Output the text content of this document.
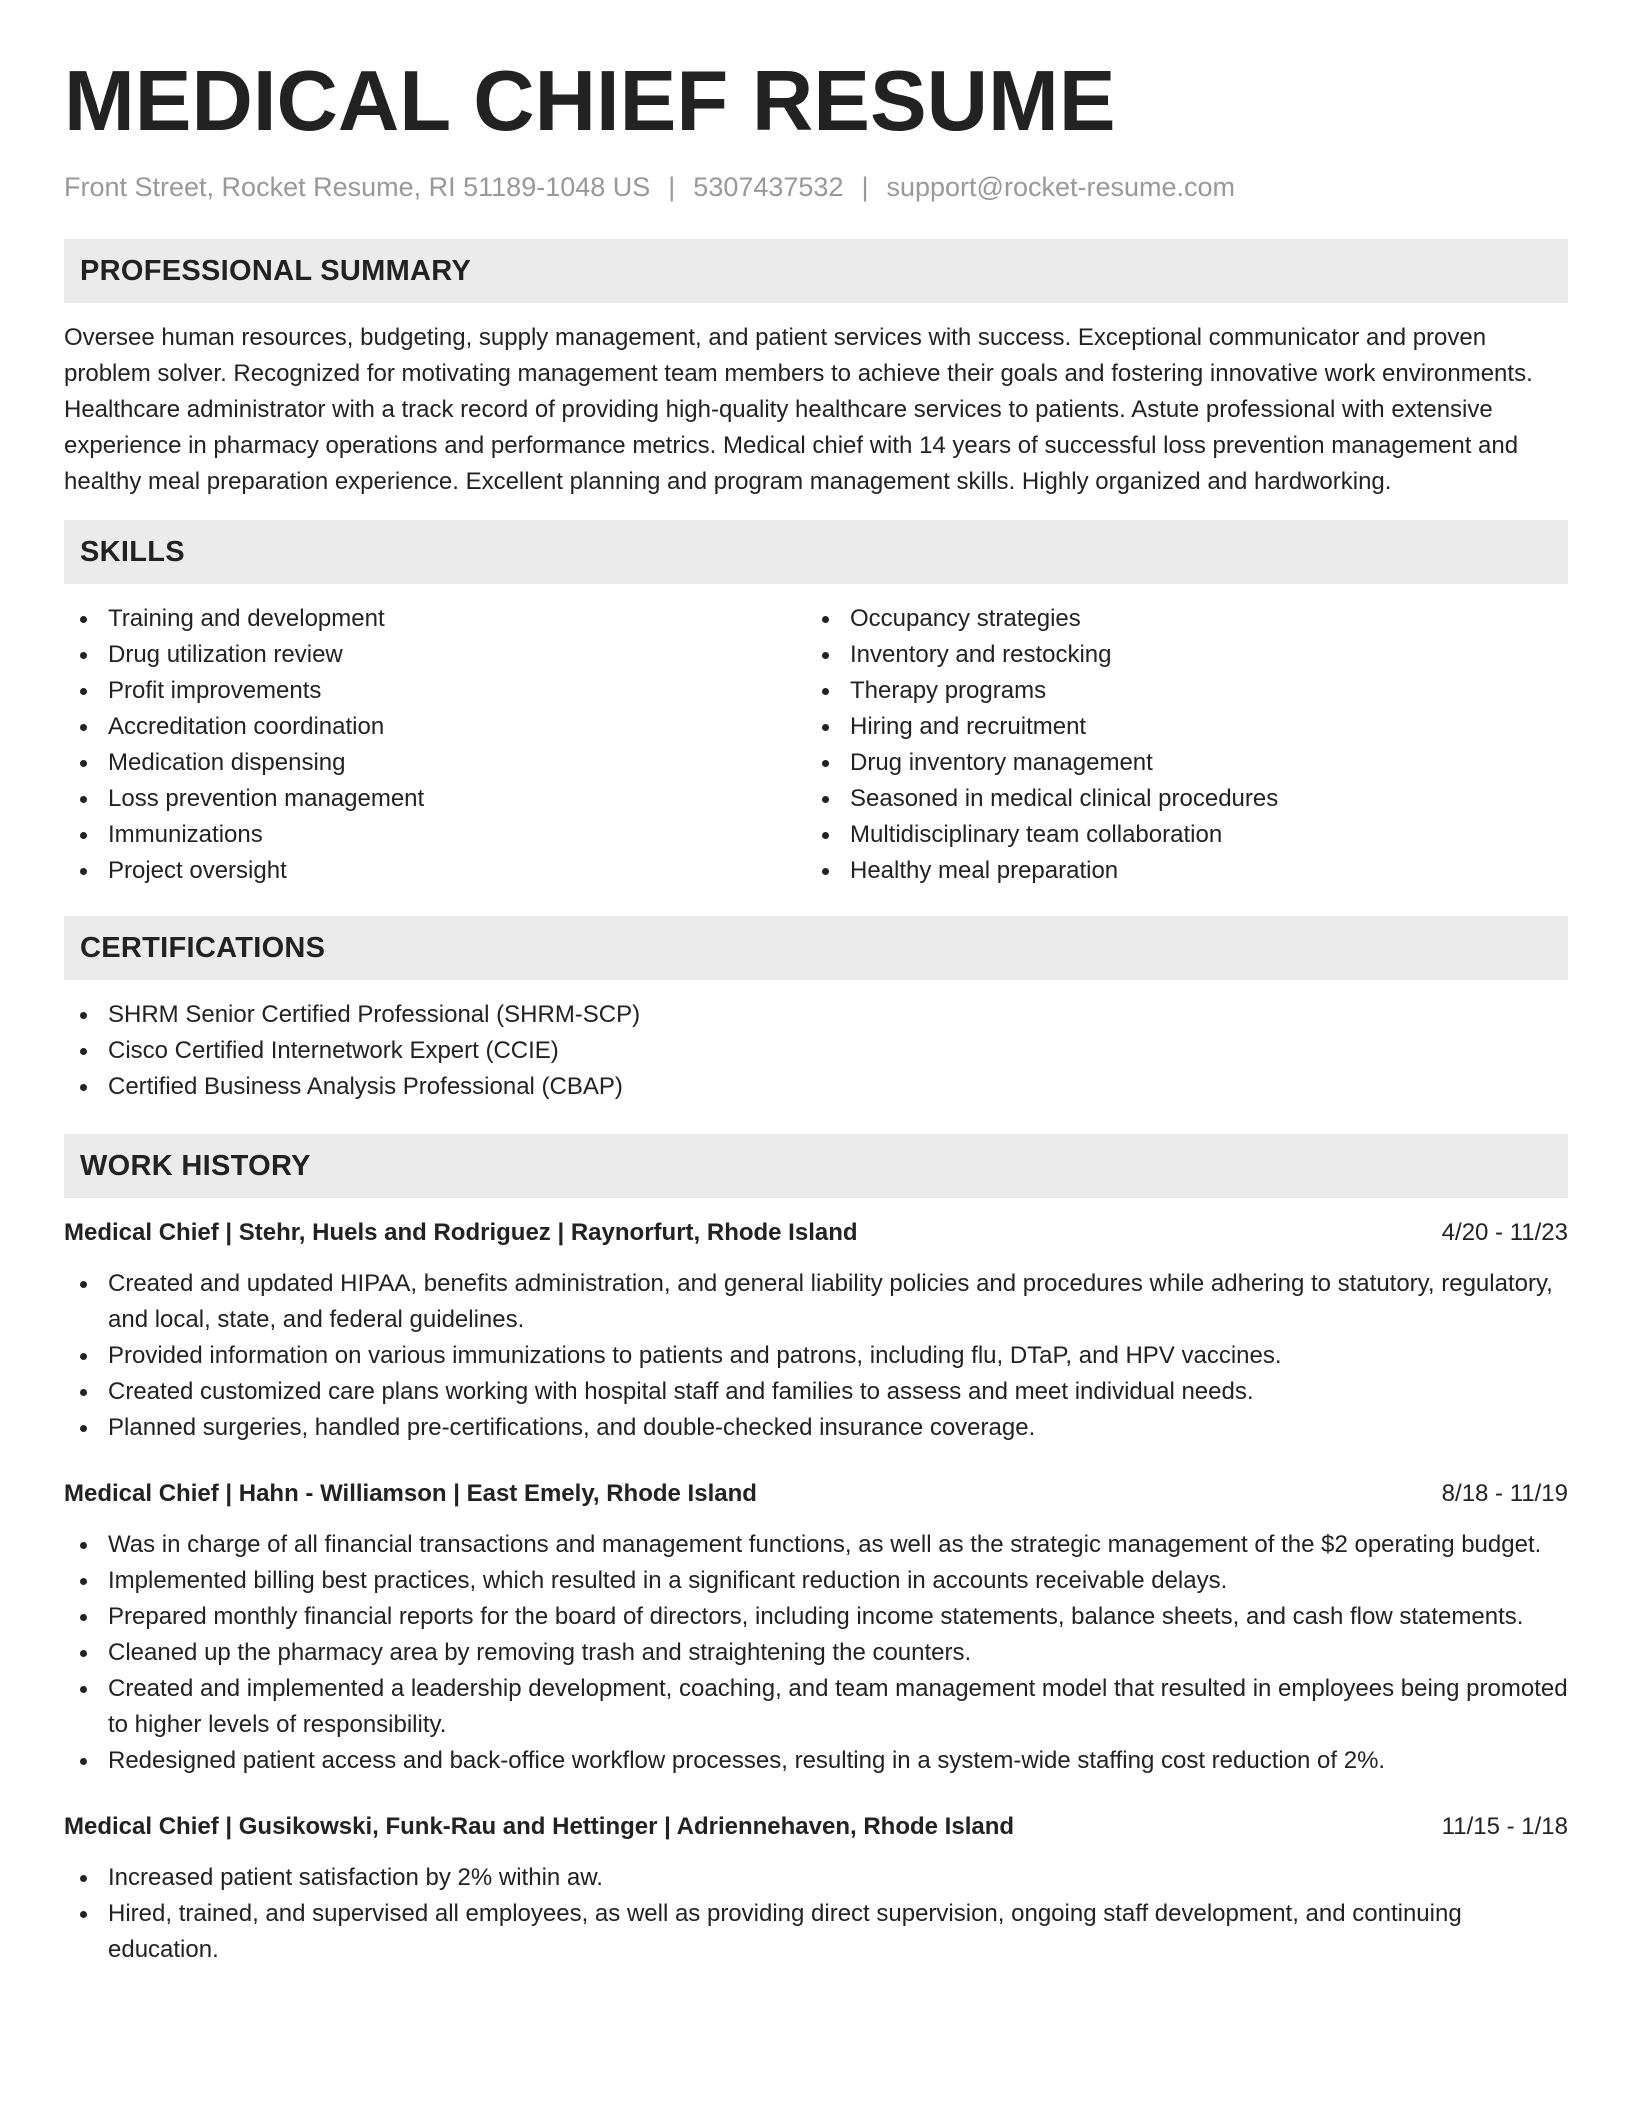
MEDICAL CHIEF RESUME
Front Street, Rocket Resume, RI 51189-1048 US | 5307437532 | support@rocket-resume.com
PROFESSIONAL SUMMARY

Oversee human resources, budgeting, supply management, and patient services with success. Exceptional communicator and proven problem solver. Recognized for motivating management team members to achieve their goals and fostering innovative work environments. Healthcare administrator with a track record of providing high-quality healthcare services to patients. Astute professional with extensive experience in pharmacy operations and performance metrics. Medical chief with 14 years of successful loss prevention management and healthy meal preparation experience. Excellent planning and program management skills. Highly organized and hardworking.

SKILLS
Training and development
Drug utilization review
Profit improvements
Accreditation coordination
Medication dispensing
Loss prevention management
Immunizations
Project oversight
Occupancy strategies
Inventory and restocking
Therapy programs
Hiring and recruitment
Drug inventory management
Seasoned in medical clinical procedures
Multidisciplinary team collaboration
Healthy meal preparation
CERTIFICATIONS
SHRM Senior Certified Professional (SHRM-SCP)
Cisco Certified Internetwork Expert (CCIE)
Certified Business Analysis Professional (CBAP)
WORK HISTORY
Medical Chief | Stehr, Huels and Rodriguez | Raynorfurt, Rhode Island	4/20 - 11/23
Created and updated HIPAA, benefits administration, and general liability policies and procedures while adhering to statutory, regulatory, and local, state, and federal guidelines.
Provided information on various immunizations to patients and patrons, including flu, DTaP, and HPV vaccines.
Created customized care plans working with hospital staff and families to assess and meet individual needs.
Planned surgeries, handled pre-certifications, and double-checked insurance coverage.
Medical Chief | Hahn - Williamson | East Emely, Rhode Island	8/18 - 11/19
Was in charge of all financial transactions and management functions, as well as the strategic management of the $2 operating budget.
Implemented billing best practices, which resulted in a significant reduction in accounts receivable delays.
Prepared monthly financial reports for the board of directors, including income statements, balance sheets, and cash flow statements.
Cleaned up the pharmacy area by removing trash and straightening the counters.
Created and implemented a leadership development, coaching, and team management model that resulted in employees being promoted to higher levels of responsibility.
Redesigned patient access and back-office workflow processes, resulting in a system-wide staffing cost reduction of 2%.
Medical Chief | Gusikowski, Funk-Rau and Hettinger | Adriennehaven, Rhode Island	11/15 - 1/18
Increased patient satisfaction by 2% within aw.
Hired, trained, and supervised all employees, as well as providing direct supervision, ongoing staff development, and continuing education.
